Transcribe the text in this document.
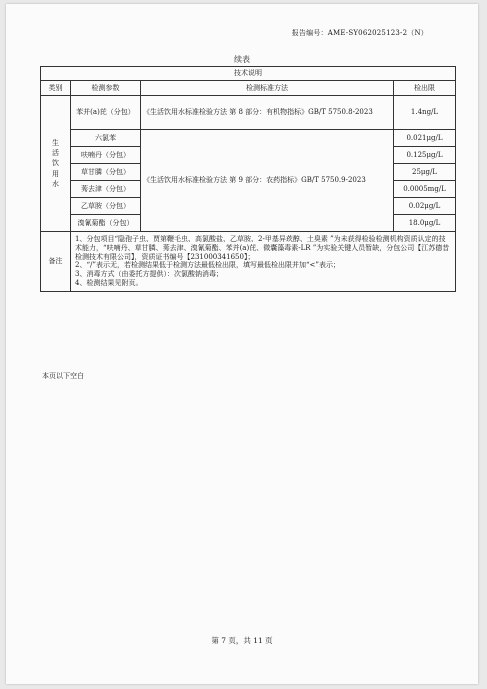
报告编号：AME-SY062025123-2（N）
续表
技术说明			
类别	检测参数	检测标准方法	检出限

生
活
饮
用
水	苯并(a)芘（分包）	《生活饮用水标准检验方法 第 8 部分：有机物指标》GB/T 5750.8-2023	1.4ng/L
	六氯苯	《生活饮用水标准检验方法 第 9 部分：农药指标》GB/T 5750.9-2023	0.021μg/L
	呋喃丹（分包）		0.125μg/L
	草甘膦（分包）		25μg/L
	莠去津（分包）		0.0005mg/L
	乙草胺（分包）		0.02μg/L
	溴氰菊酯（分包）		18.0μg/L
备注	1、分包项目“隐孢子虫、贾第鞭毛虫、高氯酸盐、乙草胺、2-甲基异莰醇、土臭素 ”为未获得检验检测机构资质认定的技术能力，“呋喃丹、草甘膦、莠去津、溴氰菊酯、苯并(a)芘、微囊藻毒素-LR ”为实验关键人员暂缺，分包公司【江苏德昔检测技术有限公司】，资质证书编号【231000341650】；

2、“/”表示无，若检测结果低于检测方法最低检出限，填写最低检出限并加“<”表示；

3、消毒方式（由委托方提供）：次氯酸钠消毒；

4、检测结果见附页。		

本页以下空白
第 7 页，共 11 页
